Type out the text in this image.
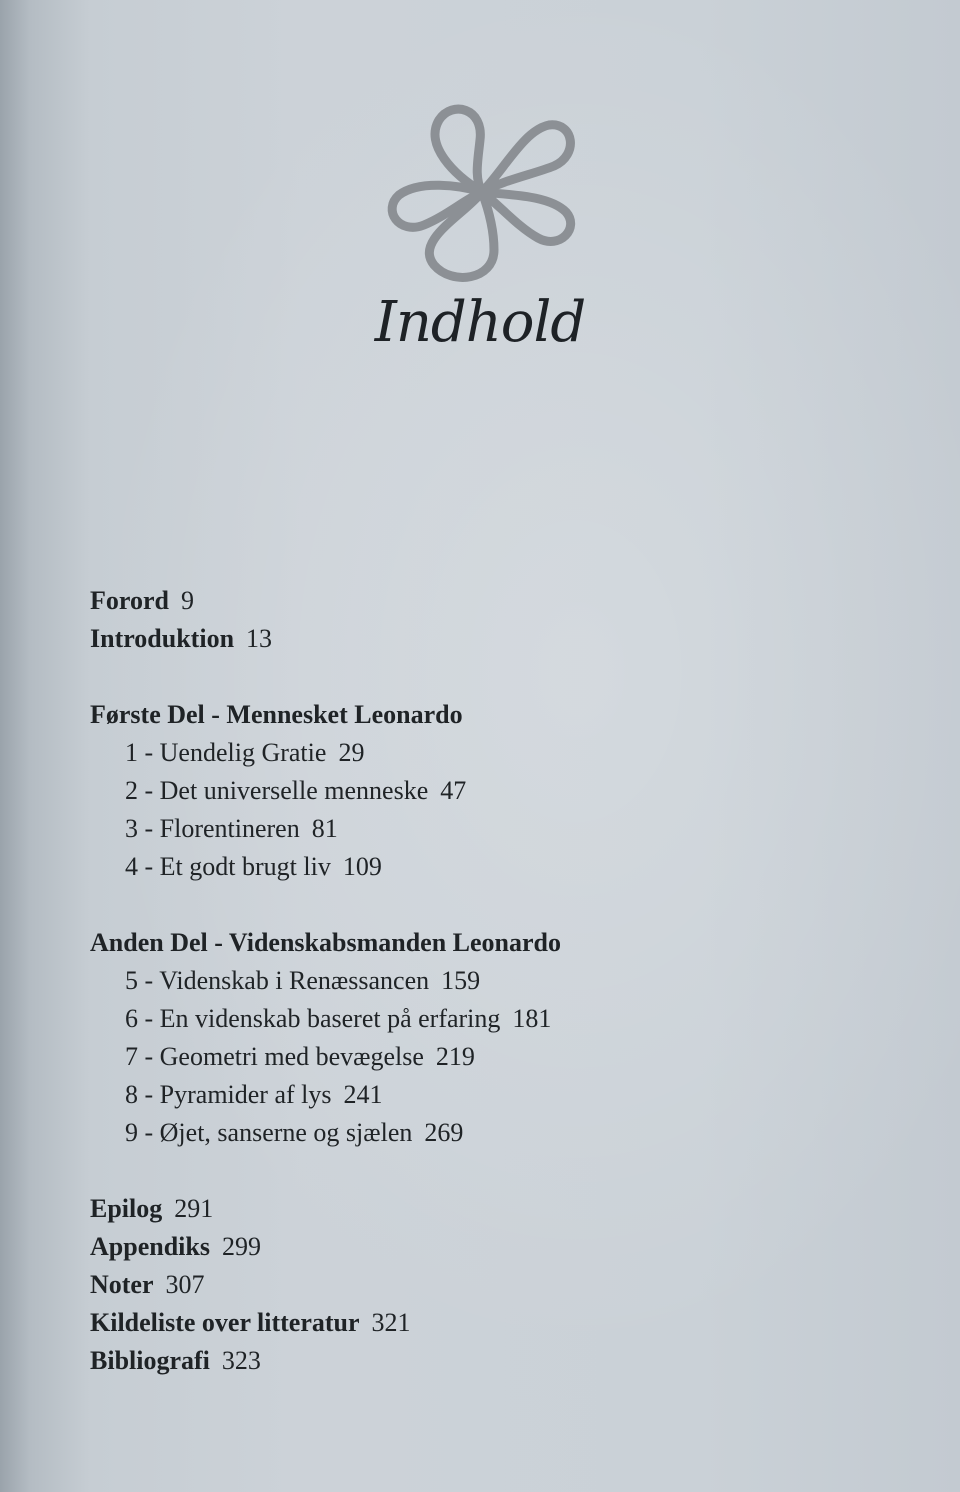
Indhold
Forord 9
Introduktion 13
Første Del - Mennesket Leonardo
1 - Uendelig Gratie 29
2 - Det universelle menneske 47
3 - Florentineren 81
4 - Et godt brugt liv 109
Anden Del - Videnskabsmanden Leonardo
5 - Videnskab i Renæssancen 159
6 - En videnskab baseret på erfaring 181
7 - Geometri med bevægelse 219
8 - Pyramider af lys 241
9 - Øjet, sanserne og sjælen 269
Epilog 291
Appendiks 299
Noter 307
Kildeliste over litteratur 321
Bibliografi 323
